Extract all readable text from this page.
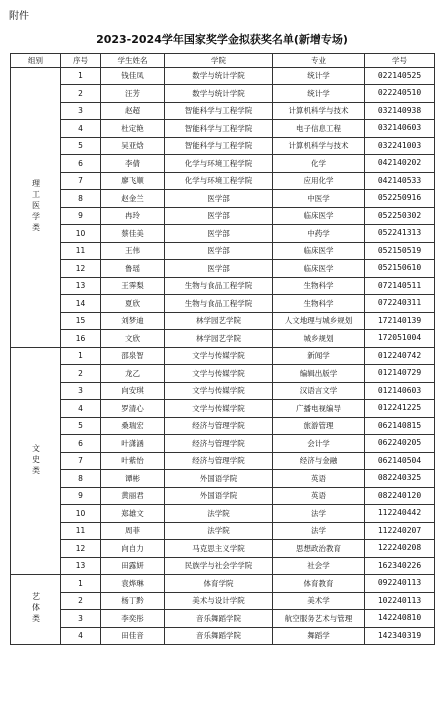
附件
2023-2024学年国家奖学金拟获奖名单(新增专场)
组别	序号	学生姓名	学院	专业	学号
理工医学类	1	钱佳凤	数学与统计学院	统计学	022140525
	2	汪芳	数学与统计学院	统计学	022240510
	3	赵超	智能科学与工程学院	计算机科学与技术	032140938
	4	杜定艳	智能科学与工程学院	电子信息工程	032140603
	5	吴亚焓	智能科学与工程学院	计算机科学与技术	032241003
	6	李倩	化学与环境工程学院	化学	042140202
	7	廖飞顺	化学与环境工程学院	应用化学	042140533
	8	赵金兰	医学部	中医学	052250916
	9	冉玲	医学部	临床医学	052250302
	10	蔡佳美	医学部	中药学	052241313
	11	王伟	医学部	临床医学	052150519
	12	鲁瑶	医学部	临床医学	052150610
	13	王霁梨	生物与食品工程学院	生物科学	072140511
	14	夏欣	生物与食品工程学院	生物科学	072240311
	15	刘梦迪	林学园艺学院	人文地理与城乡规划	172140139
	16	文欣	林学园艺学院	城乡规划	172051004
文史类	1	邵泉智	文学与传媒学院	新闻学	012240742
	2	龙乙	文学与传媒学院	编辑出版学	012140729
	3	向安琪	文学与传媒学院	汉语言文学	012140603
	4	罗清心	文学与传媒学院	广播电视编导	012241225
	5	桑瑞宏	经济与管理学院	旅游管理	062140815
	6	叶潇涵	经济与管理学院	会计学	062240205
	7	叶紫怡	经济与管理学院	经济与金融	062140504
	8	谭彬	外国语学院	英语	082240325
	9	黄丽君	外国语学院	英语	082240120
	10	郑雄文	法学院	法学	112240442
	11	周菲	法学院	法学	112240207
	12	向自力	马克思主义学院	思想政治教育	122240208
	13	田露妍	民族学与社会学学院	社会学	162340226
艺体类	1	袁烨琳	体育学院	体育教育	092240113
	2	杨丁黔	美术与设计学院	美术学	102240113
	3	李奕彤	音乐舞蹈学院	航空服务艺术与管理	142240810
	4	田佳音	音乐舞蹈学院	舞蹈学	142340319
